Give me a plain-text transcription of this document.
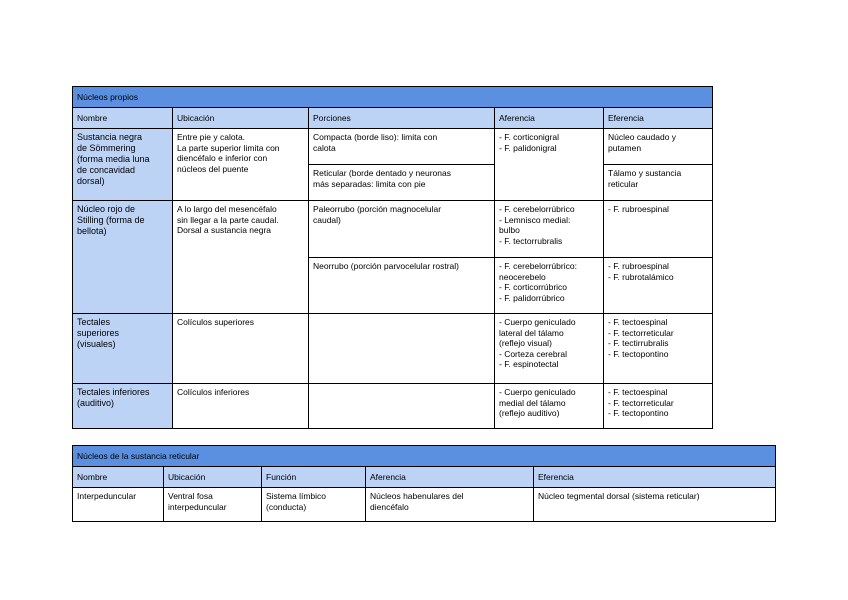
Núcleos propios				
Nombre	Ubicación	Porciones	Aferencia	Eferencia

Sustancia negra
de Sömmering
(forma media luna
de concavidad
dorsal)	Entre pie y calota.
La parte superior limita con
diencéfalo e inferior con
núcleos del puente	Compacta (borde liso): limita con
calota	- F. corticonigral
- F. palidonigral	Núcleo caudado y
putamen

		Reticular (borde dentado y neuronas
más separadas: limita con pie		Tálamo y sustancia
reticular

Núcleo rojo de
Stilling (forma de
bellota)	A lo largo del mesencéfalo
sin llegar a la parte caudal.
Dorsal a sustancia negra	Paleorrubo (porción magnocelular
caudal)	- F. cerebelorrúbrico
- Lemnisco medial:
bulbo
- F. tectorrubralis	- F. rubroespinal

		Neorrubo (porción parvocelular rostral)	- F. cerebelorrúbrico:
neocerebelo
- F. corticorrúbrico
- F. palidorrúbrico	- F. rubroespinal
- F. rubrotalámico

Tectales
superiores
(visuales)	Colículos superiores		- Cuerpo geniculado
lateral del tálamo
(reflejo visual)
- Corteza cerebral
- F. espinotectal	- F. tectoespinal
- F. tectorreticular
- F. tectirrubralis
- F. tectopontino

Tectales inferiores
(auditivo)	Colículos inferiores		- Cuerpo geniculado
medial del tálamo
(reflejo auditivo)	- F. tectoespinal
- F. tectorreticular
- F. tectopontino
Núcleos de la sustancia reticular				
Nombre	Ubicación	Función	Aferencia	Eferencia

Interpeduncular	Ventral fosa
interpeduncular	Sistema límbico
(conducta)	Núcleos habenulares del
diencéfalo	Núcleo tegmental dorsal (sistema reticular)
